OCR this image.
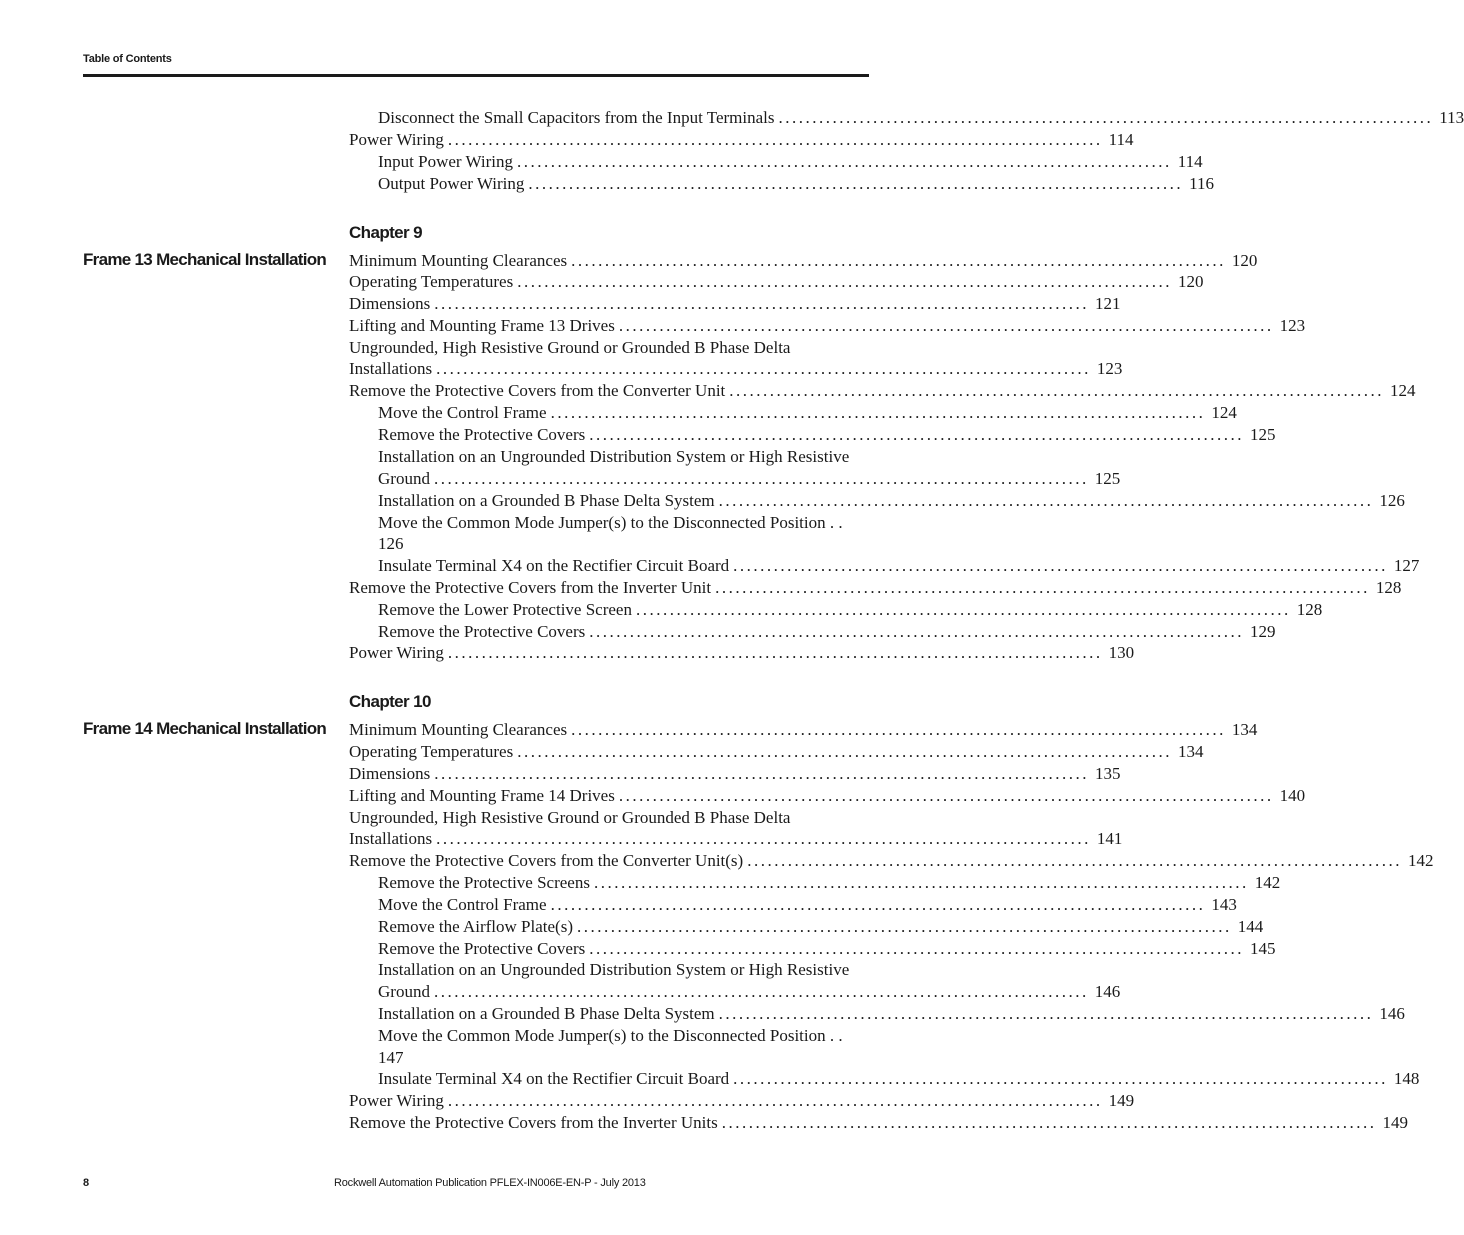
Table of Contents
Disconnect the Small Capacitors from the Input Terminals ................................................................................................. 113
Power Wiring ................................................................................................. 114
Input Power Wiring ................................................................................................. 114
Output Power Wiring ................................................................................................. 116
Chapter 9
Frame 13 Mechanical Installation Minimum Mounting Clearances ................................................................................................. 120
Operating Temperatures ................................................................................................. 120
Dimensions ................................................................................................. 121
Lifting and Mounting Frame 13 Drives ................................................................................................. 123
Ungrounded, High Resistive Ground or Grounded B Phase Delta
Installations ................................................................................................. 123
Remove the Protective Covers from the Converter Unit ................................................................................................. 124
Move the Control Frame ................................................................................................. 124
Remove the Protective Covers ................................................................................................. 125
Installation on an Ungrounded Distribution System or High Resistive
Ground ................................................................................................. 125
Installation on a Grounded B Phase Delta System ................................................................................................. 126
Move the Common Mode Jumper(s) to the Disconnected Position . .
126
Insulate Terminal X4 on the Rectifier Circuit Board ................................................................................................. 127
Remove the Protective Covers from the Inverter Unit ................................................................................................. 128
Remove the Lower Protective Screen ................................................................................................. 128
Remove the Protective Covers ................................................................................................. 129
Power Wiring ................................................................................................. 130
Chapter 10
Frame 14 Mechanical Installation Minimum Mounting Clearances ................................................................................................. 134
Operating Temperatures ................................................................................................. 134
Dimensions ................................................................................................. 135
Lifting and Mounting Frame 14 Drives ................................................................................................. 140
Ungrounded, High Resistive Ground or Grounded B Phase Delta
Installations ................................................................................................. 141
Remove the Protective Covers from the Converter Unit(s) ................................................................................................. 142
Remove the Protective Screens ................................................................................................. 142
Move the Control Frame ................................................................................................. 143
Remove the Airflow Plate(s) ................................................................................................. 144
Remove the Protective Covers ................................................................................................. 145
Installation on an Ungrounded Distribution System or High Resistive
Ground ................................................................................................. 146
Installation on a Grounded B Phase Delta System ................................................................................................. 146
Move the Common Mode Jumper(s) to the Disconnected Position . .
147
Insulate Terminal X4 on the Rectifier Circuit Board ................................................................................................. 148
Power Wiring ................................................................................................. 149
Remove the Protective Covers from the Inverter Units ................................................................................................. 149
8	Rockwell Automation Publication PFLEX-IN006E-EN-P - July 2013
